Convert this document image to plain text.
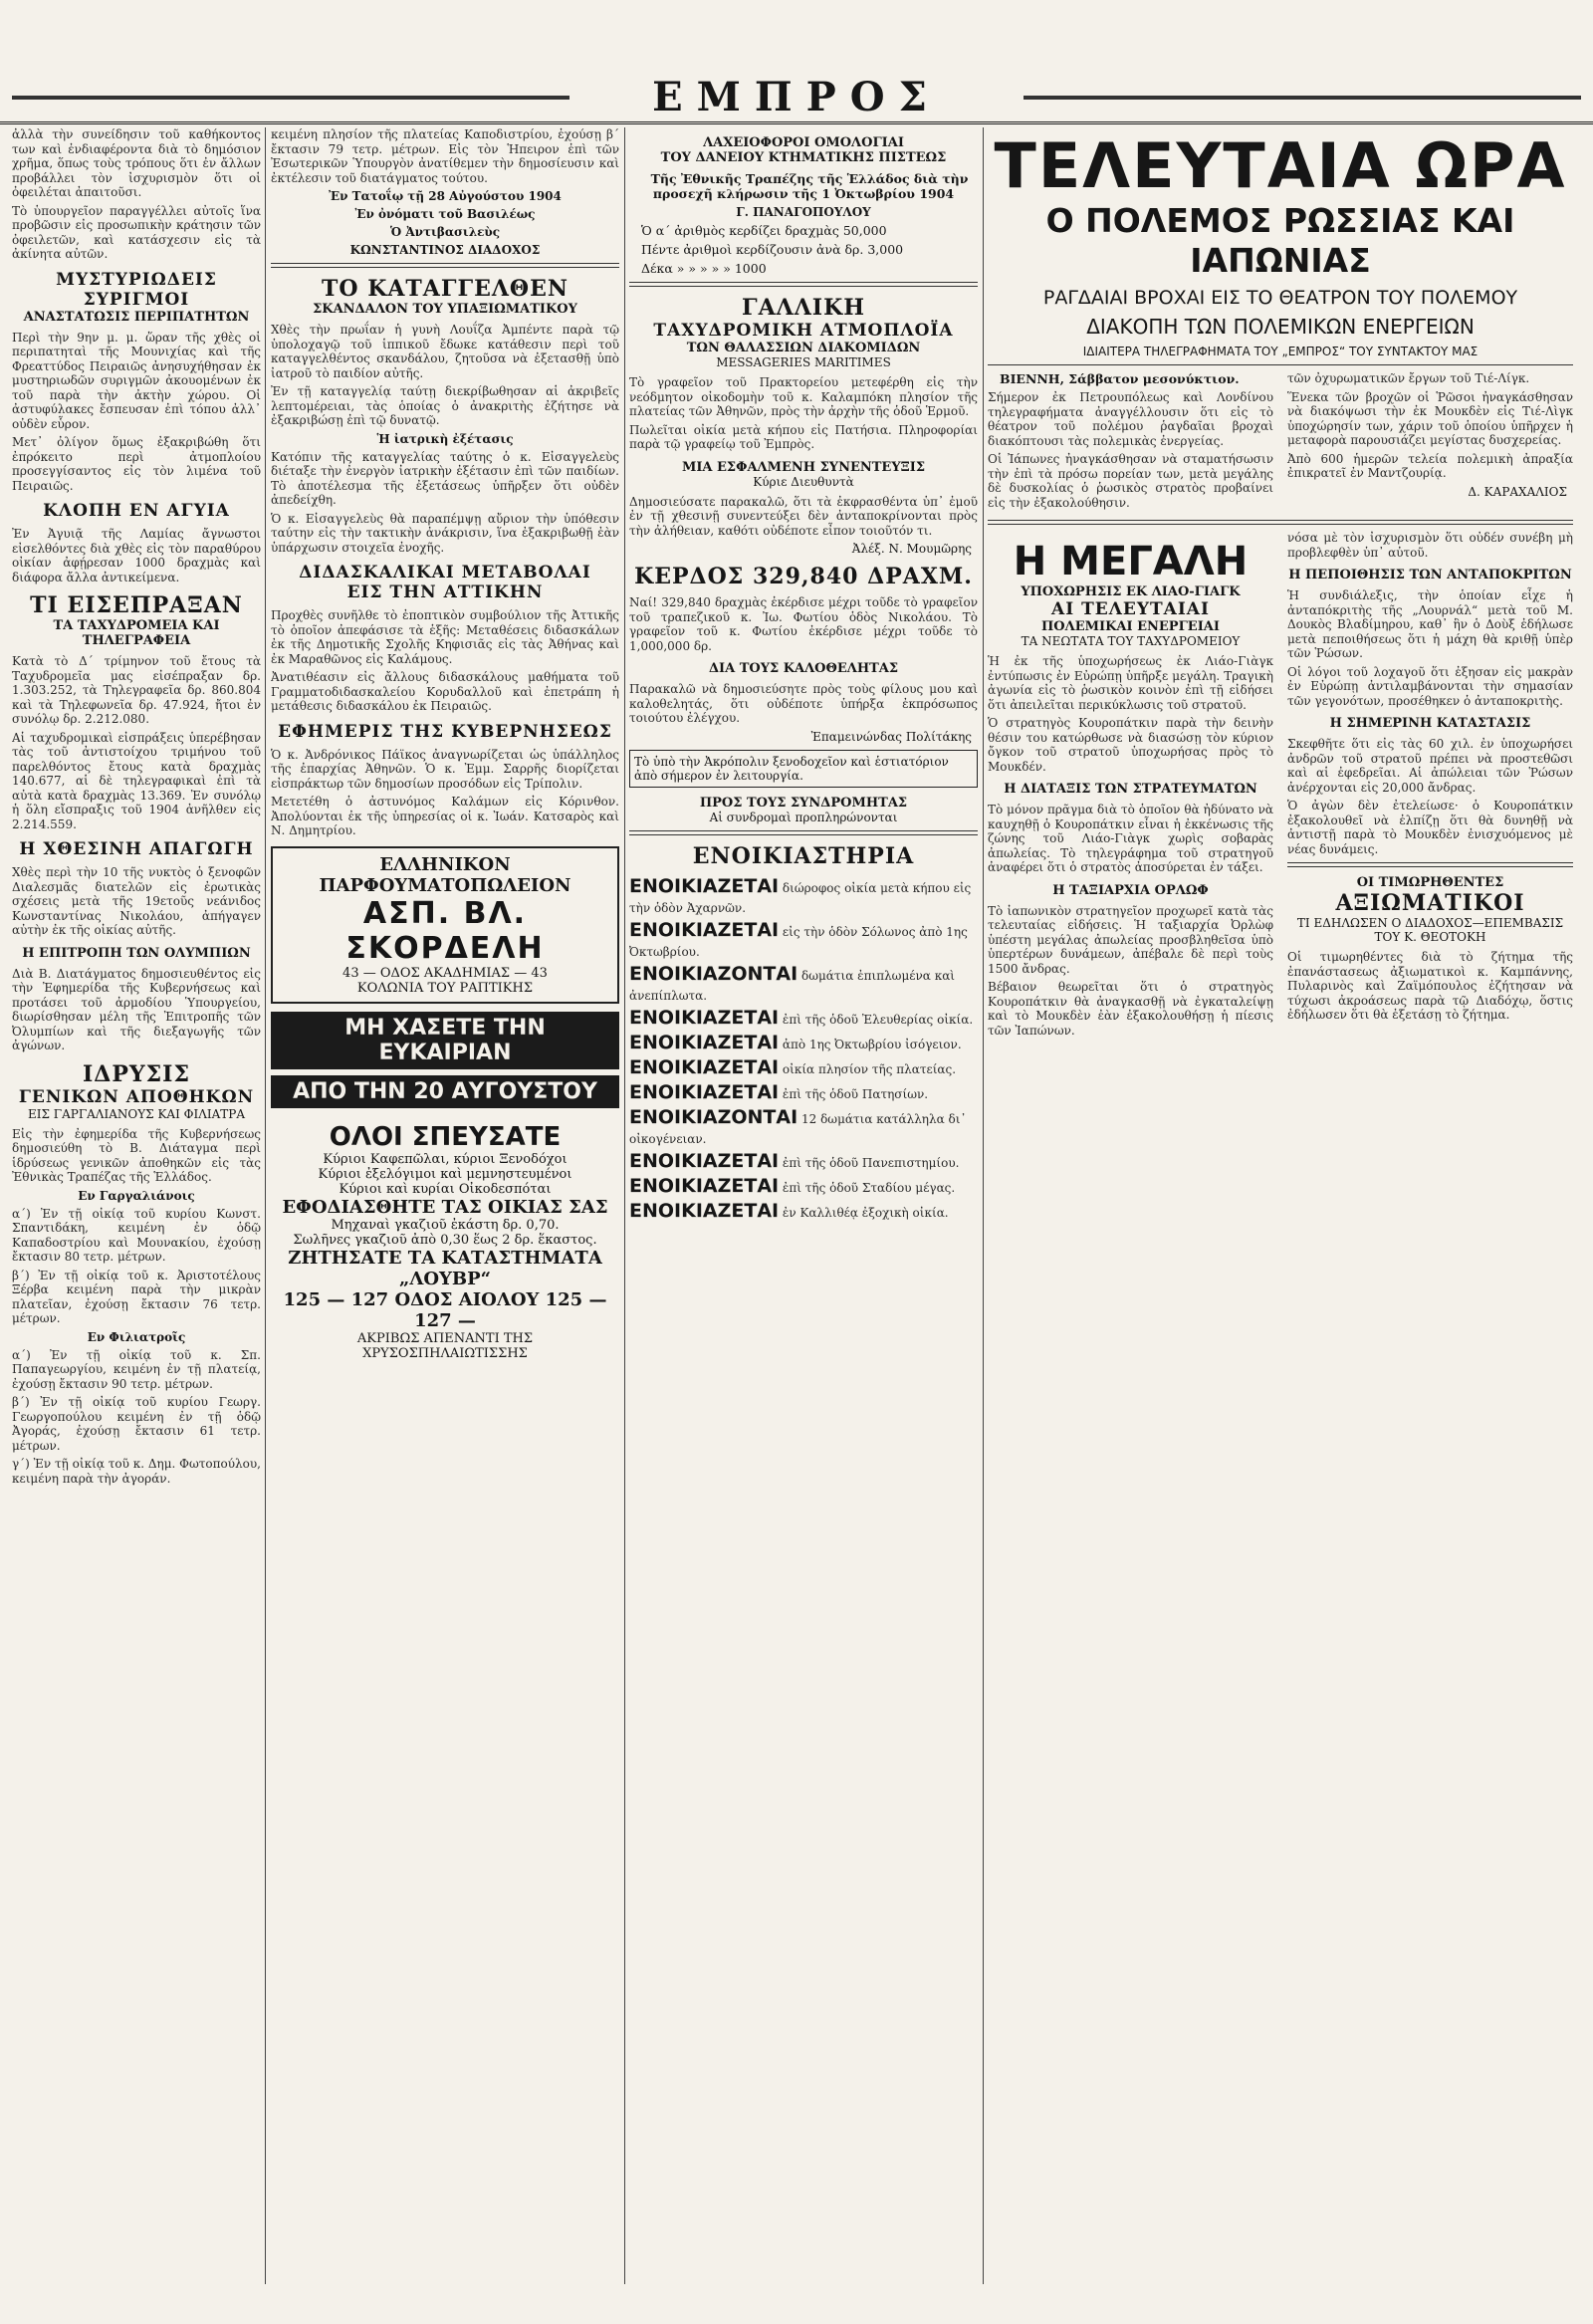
ΕΜΠΡΟΣ

ἀλλὰ τὴν συνείδησιν τοῦ καθήκοντος των καὶ ἐνδιαφέροντα διὰ τὸ δημόσιον χρῆμα, ὅπως τοὺς τρόπους ὅτι ἐν ἄλλων προβάλλει τὸν ἰσχυρισμὸν ὅτι οἱ ὀφειλέται ἀπαιτοῦσι.

Τὸ ὑπουργεῖον παραγγέλλει αὐτοῖς ἵνα προβῶσιν εἰς προσωπικὴν κράτησιν τῶν ὀφειλετῶν, καὶ κατάσχεσιν εἰς τὰ ἀκίνητα αὐτῶν.

ΜΥΣΤΥΡΙΩΔΕΙΣ ΣΥΡΙΓΜΟΙ
ΑΝΑΣΤΑΤΩΣΙΣ ΠΕΡΙΠΑΤΗΤΩΝ

Περὶ τὴν 9ην μ. μ. ὥραν τῆς χθὲς οἱ περιπατηταὶ τῆς Μουνιχίας καὶ τῆς Φρεαττύδος Πειραιῶς ἀνησυχήθησαν ἐκ μυστηριωδῶν συριγμῶν ἀκουομένων ἐκ τοῦ παρὰ τὴν ἀκτὴν χώρου. Οἱ ἀστυφύλακες ἔσπευσαν ἐπὶ τόπου ἀλλ᾽ οὐδὲν εὗρον.

Μετ᾽ ὀλίγον ὅμως ἐξακριβώθη ὅτι ἐπρόκειτο περὶ ἀτμοπλοίου προσεγγίσαντος εἰς τὸν λιμένα τοῦ Πειραιῶς.

ΚΛΟΠΗ ΕΝ ΑΓΥΙΑ

Ἐν Ἀγυιᾷ τῆς Λαμίας ἄγνωστοι εἰσελθόντες διὰ χθὲς εἰς τὸν παραθύρου οἰκίαν ἀφῄρεσαν 1000 δραχμὰς καὶ διάφορα ἄλλα ἀντικείμενα.

ΤΙ ΕΙΣΕΠΡΑΞΑΝ
ΤΑ ΤΑΧΥΔΡΟΜΕΙΑ ΚΑΙ ΤΗΛΕΓΡΑΦΕΙΑ

Κατὰ τὸ Δ΄ τρίμηνον τοῦ ἔτους τὰ Ταχυδρομεῖα μας εἰσέπραξαν δρ. 1.303.252, τὰ Τηλεγραφεῖα δρ. 860.804 καὶ τὰ Τηλεφωνεῖα δρ. 47.924, ἤτοι ἐν συνόλῳ δρ. 2.212.080.

Αἱ ταχυδρομικαὶ εἰσπράξεις ὑπερέβησαν τὰς τοῦ ἀντιστοίχου τριμήνου τοῦ παρελθόντος ἔτους κατὰ δραχμὰς 140.677, αἱ δὲ τηλεγραφικαὶ ἐπὶ τὰ αὐτὰ κατὰ δραχμὰς 13.369. Ἐν συνόλῳ ἡ ὅλη εἴσπραξις τοῦ 1904 ἀνῆλθεν εἰς 2.214.559.

Η ΧΘΕΣΙΝΗ ΑΠΑΓΩΓΗ

Χθὲς περὶ τὴν 10 τῆς νυκτὸς ὁ ξενοφῶν Διαλεσμᾶς διατελῶν εἰς ἐρωτικὰς σχέσεις μετὰ τῆς 19ετοῦς νεάνιδος Κωνσταντίνας Νικολάου, ἀπήγαγεν αὐτὴν ἐκ τῆς οἰκίας αὐτῆς.

Η ΕΠΙΤΡΟΠΗ ΤΩΝ ΟΛΥΜΠΙΩΝ

Διὰ Β. Διατάγματος δημοσιευθέντος εἰς τὴν Ἐφημερίδα τῆς Κυβερνήσεως καὶ προτάσει τοῦ ἀρμοδίου Ὑπουργείου, διωρίσθησαν μέλη τῆς Ἐπιτροπῆς τῶν Ὀλυμπίων καὶ τῆς διεξαγωγῆς τῶν ἀγώνων.

ΙΔΡΥΣΙΣ
ΓΕΝΙΚΩΝ ΑΠΟΘΗΚΩΝ
ΕΙΣ ΓΑΡΓΑΛΙΑΝΟΥΣ ΚΑΙ ΦΙΛΙΑΤΡΑ

Εἰς τὴν ἐφημερίδα τῆς Κυβερνήσεως δημοσιεύθη τὸ Β. Διάταγμα περὶ ἱδρύσεως γενικῶν ἀποθηκῶν εἰς τὰς Ἐθνικὰς Τραπέζας τῆς Ἑλλάδος.

Εν Γαργαλιάνοις

α΄) Ἐν τῇ οἰκίᾳ τοῦ κυρίου Κωνστ. Σπαντιδάκη, κειμένη ἐν ὁδῷ Καπαδοστρίου καὶ Μουνακίου, ἐχούσῃ ἔκτασιν 80 τετρ. μέτρων.

β΄) Ἐν τῇ οἰκίᾳ τοῦ κ. Ἀριστοτέλους Ξέρβα κειμένη παρὰ τὴν μικρὰν πλατεῖαν, ἐχούσῃ ἔκτασιν 76 τετρ. μέτρων.

Εν Φιλιατροῖς

α΄) Ἐν τῇ οἰκίᾳ τοῦ κ. Σπ. Παπαγεωργίου, κειμένη ἐν τῇ πλατείᾳ, ἐχούσῃ ἔκτασιν 90 τετρ. μέτρων.

β΄) Ἐν τῇ οἰκίᾳ τοῦ κυρίου Γεωργ. Γεωργοπούλου κειμένη ἐν τῇ ὁδῷ Ἀγοράς, ἐχούσῃ ἔκτασιν 61 τετρ. μέτρων.

γ΄) Ἐν τῇ οἰκίᾳ τοῦ κ. Δημ. Φωτοπούλου, κειμένη παρὰ τὴν ἀγοράν.

κειμένη πλησίον τῆς πλατείας Καποδιστρίου, ἐχούσῃ β΄ ἔκτασιν 79 τετρ. μέτρων. Εἰς τὸν Ἡπειρον ἐπὶ τῶν Ἐσωτερικῶν Ὑπουργὸν ἀνατίθεμεν τὴν δημοσίευσιν καὶ ἐκτέλεσιν τοῦ διατάγματος τούτου.

Ἐν Τατοΐῳ τῇ 28 Αὐγούστου 1904
Ἐν ὀνόματι τοῦ Βασιλέως
Ὁ Ἀντιβασιλεὺς
ΚΩΝΣΤΑΝΤΙΝΟΣ ΔΙΑΔΟΧΟΣ
ΤΟ ΚΑΤΑΓΓΕΛΘΕΝ
ΣΚΑΝΔΑΛΟΝ ΤΟΥ ΥΠΑΞΙΩΜΑΤΙΚΟΥ

Χθὲς τὴν πρωΐαν ἡ γυνὴ Λουΐζα Ἀμπέντε παρὰ τῷ ὑπολοχαγῷ τοῦ ἱππικοῦ ἔδωκε κατάθεσιν περὶ τοῦ καταγγελθέντος σκανδάλου, ζητοῦσα νὰ ἐξετασθῇ ὑπὸ ἰατροῦ τὸ παιδίον αὐτῆς.

Ἐν τῇ καταγγελίᾳ ταύτῃ διεκρίβωθησαν αἱ ἀκριβεῖς λεπτομέρειαι, τὰς ὁποίας ὁ ἀνακριτὴς ἐζήτησε νὰ ἐξακριβώσῃ ἐπὶ τῷ δυνατῷ.

Ἡ ἰατρικὴ ἐξέτασις

Κατόπιν τῆς καταγγελίας ταύτης ὁ κ. Εἰσαγγελεὺς διέταξε τὴν ἐνεργὸν ἰατρικὴν ἐξέτασιν ἐπὶ τῶν παιδίων. Τὸ ἀποτέλεσμα τῆς ἐξετάσεως ὑπῆρξεν ὅτι οὐδὲν ἀπεδείχθη.

Ὁ κ. Εἰσαγγελεὺς θὰ παραπέμψῃ αὔριον τὴν ὑπόθεσιν ταύτην εἰς τὴν τακτικὴν ἀνάκρισιν, ἵνα ἐξακριβωθῇ ἐὰν ὑπάρχωσιν στοιχεῖα ἐνοχῆς.

ΔΙΔΑΣΚΑΛΙΚΑΙ ΜΕΤΑΒΟΛΑΙ
ΕΙΣ ΤΗΝ ΑΤΤΙΚΗΝ

Προχθὲς συνῆλθε τὸ ἐποπτικὸν συμβούλιον τῆς Ἀττικῆς τὸ ὁποῖον ἀπεφάσισε τὰ ἑξῆς: Μεταθέσεις διδασκάλων ἐκ τῆς Δημοτικῆς Σχολῆς Κηφισιᾶς εἰς τὰς Ἀθήνας καὶ ἐκ Μαραθῶνος εἰς Καλάμους.

Ἀνατιθέασιν εἰς ἄλλους διδασκάλους μαθήματα τοῦ Γραμματοδιδασκαλείου Κορυδαλλοῦ καὶ ἐπετράπη ἡ μετάθεσις διδασκάλου ἐκ Πειραιῶς.

ΕΦΗΜΕΡΙΣ ΤΗΣ ΚΥΒΕΡΝΗΣΕΩΣ

Ὁ κ. Ἀνδρόνικος Πάϊκος ἀναγνωρίζεται ὡς ὑπάλληλος τῆς ἐπαρχίας Ἀθηνῶν. Ὁ κ. Ἐμμ. Σαρρῆς διορίζεται εἰσπράκτωρ τῶν δημοσίων προσόδων εἰς Τρίπολιν.

Μετετέθη ὁ ἀστυνόμος Καλάμων εἰς Κόρινθον. Ἀπολύονται ἐκ τῆς ὑπηρεσίας οἱ κ. Ἰωάν. Κατσαρὸς καὶ Ν. Δημητρίου.

ΕΛΛΗΝΙΚΟΝ ΠΑΡΦΟΥΜΑΤΟΠΩΛΕΙΟΝ
ΑΣΠ. ΒΛ. ΣΚΟΡΔΕΛΗ
43 — ΟΔΟΣ ΑΚΑΔΗΜΙΑΣ — 43
ΚΟΛΩΝΙΑ ΤΟΥ ΡΑΠΤΙΚΗΣ
ΜΗ ΧΑΣΕΤΕ ΤΗΝ ΕΥΚΑΙΡΙΑΝ
ΑΠΟ ΤΗΝ 20 ΑΥΓΟΥΣΤΟΥ
ΟΛΟΙ ΣΠΕΥΣΑΤΕ
Κύριοι Καφεπῶλαι, κύριοι Ξενοδόχοι
Κύριοι ἐξελόγιμοι καὶ μεμνηστευμένοι
Κύριοι καὶ κυρίαι Οἰκοδεσπόται
ΕΦΟΔΙΑΣΘΗΤΕ ΤΑΣ ΟΙΚΙΑΣ ΣΑΣ
Μηχαναὶ γκαζιοῦ ἐκάστη δρ. 0,70.
Σωλῆνες γκαζιοῦ ἀπὸ 0,30 ἕως 2 δρ. ἕκαστος.
ΖΗΤΗΣΑΤΕ ΤΑ ΚΑΤΑΣΤΗΜΑΤΑ „ΛΟΥΒΡ“
125 — 127 ΟΔΟΣ ΑΙΟΛΟΥ 125 — 127 —
ΑΚΡΙΒΩΣ ΑΠΕΝΑΝΤΙ ΤΗΣ ΧΡΥΣΟΣΠΗΛΑΙΩΤΙΣΣΗΣ
ΛΑΧΕΙΟΦΟΡΟΙ ΟΜΟΛΟΓΙΑΙ
ΤΟΥ ΔΑΝΕΙΟΥ ΚΤΗΜΑΤΙΚΗΣ ΠΙΣΤΕΩΣ

Τῆς Ἐθνικῆς Τραπέζης τῆς Ἑλλάδος διὰ τὴν προσεχῆ κλήρωσιν τῆς 1 Ὀκτωβρίου 1904

Γ. ΠΑΝΑΓΟΠΟΥΛΟΥ
Ὁ α΄ ἀριθμὸς κερδίζει δραχμὰς 50,000
Πέντε ἀριθμοὶ κερδίζουσιν ἀνὰ δρ. 3,000
Δέκα » » » » » 1000
ΓΑΛΛΙΚΗ
ΤΑΧΥΔΡΟΜΙΚΗ ΑΤΜΟΠΛΟΪΑ
ΤΩΝ ΘΑΛΑΣΣΙΩΝ ΔΙΑΚΟΜΙΔΩΝ
MESSAGERIES MARITIMES

Τὸ γραφεῖον τοῦ Πρακτορείου μετεφέρθη εἰς τὴν νεόδμητον οἰκοδομὴν τοῦ κ. Καλαμπόκη πλησίον τῆς πλατείας τῶν Ἀθηνῶν, πρὸς τὴν ἀρχὴν τῆς ὁδοῦ Ἑρμοῦ.

Πωλεῖται οἰκία μετὰ κήπου εἰς Πατήσια. Πληροφορίαι παρὰ τῷ γραφείῳ τοῦ Ἐμπρὸς.

ΜΙΑ ΕΣΦΑΛΜΕΝΗ ΣΥΝΕΝΤΕΥΞΙΣ
Κύριε Διευθυντὰ

Δημοσιεύσατε παρακαλῶ, ὅτι τὰ ἐκφρασθέντα ὑπ᾽ ἐμοῦ ἐν τῇ χθεσινῇ συνεντεύξει δὲν ἀνταποκρίνονται πρὸς τὴν ἀλήθειαν, καθότι οὐδέποτε εἶπον τοιοῦτόν τι.

Ἀλέξ. Ν. Μουμῶρης
ΚΕΡΔΟΣ 329,840 ΔΡΑΧΜ.

Ναί! 329,840 δραχμὰς ἐκέρδισε μέχρι τοῦδε τὸ γραφεῖον τοῦ τραπεζικοῦ κ. Ἰω. Φωτίου ὁδὸς Νικολάου. Τὸ γραφεῖον τοῦ κ. Φωτίου ἐκέρδισε μέχρι τοῦδε τὸ 1,000,000 δρ.

ΔΙΑ ΤΟΥΣ ΚΑΛΟΘΕΛΗΤΑΣ

Παρακαλῶ νὰ δημοσιεύσητε πρὸς τοὺς φίλους μου καὶ καλοθελητάς, ὅτι οὐδέποτε ὑπήρξα ἐκπρόσωπος τοιούτου ἐλέγχου.

Ἐπαμεινώνδας Πολίτάκης
Τὸ ὑπὸ τὴν Ἀκρόπολιν ξενοδοχεῖον καὶ ἑστιατόριον ἀπὸ σήμερον ἐν λειτουργία.
ΠΡΟΣ ΤΟΥΣ ΣΥΝΔΡΟΜΗΤΑΣ
Αἱ συνδρομαὶ προπληρώνονται
ΕΝΟΙΚΙΑΣΤΗΡΙΑ
ΕΝΟΙΚΙΑΖΕΤΑΙ διώροφος οἰκία μετὰ κήπου εἰς τὴν ὁδὸν Ἀχαρνῶν.
ΕΝΟΙΚΙΑΖΕΤΑΙ εἰς τὴν ὁδὸν Σόλωνος ἀπὸ 1ης Ὀκτωβρίου.
ΕΝΟΙΚΙΑΖΟΝΤΑΙ δωμάτια ἐπιπλωμένα καὶ ἀνεπίπλωτα.
ΕΝΟΙΚΙΑΖΕΤΑΙ ἐπὶ τῆς ὁδοῦ Ἐλευθερίας οἰκία.
ΕΝΟΙΚΙΑΖΕΤΑΙ ἀπὸ 1ης Ὀκτωβρίου ἰσόγειον.
ΕΝΟΙΚΙΑΖΕΤΑΙ οἰκία πλησίον τῆς πλατείας.
ΕΝΟΙΚΙΑΖΕΤΑΙ ἐπὶ τῆς ὁδοῦ Πατησίων.
ΕΝΟΙΚΙΑΖΟΝΤΑΙ 12 δωμάτια κατάλληλα δι᾽ οἰκογένειαν.
ΕΝΟΙΚΙΑΖΕΤΑΙ ἐπὶ τῆς ὁδοῦ Πανεπιστημίου.
ΕΝΟΙΚΙΑΖΕΤΑΙ ἐπὶ τῆς ὁδοῦ Σταδίου μέγας.
ΕΝΟΙΚΙΑΖΕΤΑΙ ἐν Καλλιθέᾳ ἐξοχικὴ οἰκία.
ΤΕΛΕΥΤΑΙΑ ΩΡΑ
Ο ΠΟΛΕΜΟΣ ΡΩΣΣΙΑΣ ΚΑΙ ΙΑΠΩΝΙΑΣ
ΡΑΓΔΑΙΑΙ ΒΡΟΧΑΙ ΕΙΣ ΤΟ ΘΕΑΤΡΟΝ ΤΟΥ ΠΟΛΕΜΟΥ
ΔΙΑΚΟΠΗ ΤΩΝ ΠΟΛΕΜΙΚΩΝ ΕΝΕΡΓΕΙΩΝ
ΙΔΙΑΙΤΕΡΑ ΤΗΛΕΓΡΑΦΗΜΑΤΑ ΤΟΥ „ΕΜΠΡΟΣ“ ΤΟΥ ΣΥΝΤΑΚΤΟΥ ΜΑΣ

ΒΙΕΝΝΗ, Σάββατον μεσονύκτιον.

Σήμερον ἐκ Πετρουπόλεως καὶ Λονδίνου τηλεγραφήματα ἀναγγέλλουσιν ὅτι εἰς τὸ θέατρον τοῦ πολέμου ῥαγδαῖαι βροχαὶ διακόπτουσι τὰς πολεμικὰς ἐνεργείας.

Οἱ Ἰάπωνες ἠναγκάσθησαν νὰ σταματήσωσιν τὴν ἐπὶ τὰ πρόσω πορείαν των, μετὰ μεγάλης δὲ δυσκολίας ὁ ῥωσικὸς στρατὸς προβαίνει εἰς τὴν ἐξακολούθησιν.

τῶν ὀχυρωματικῶν ἔργων τοῦ Τιέ-Λίγκ.

Ἕνεκα τῶν βροχῶν οἱ Ῥῶσοι ἠναγκάσθησαν νὰ διακόψωσι τὴν ἐκ Μουκδὲν εἰς Τιέ-Λὶγκ ὑποχώρησίν των, χάριν τοῦ ὁποίου ὑπῆρχεν ἡ μεταφορὰ παρουσιάζει μεγίστας δυσχερείας.

Ἀπὸ 600 ἡμερῶν τελεία πολεμικὴ ἀπραξία ἐπικρατεῖ ἐν Μαντζουρίᾳ.

Δ. ΚΑΡΑΧΑΛΙΟΣ
Η ΜΕΓΑΛΗ
ΥΠΟΧΩΡΗΣΙΣ ΕΚ ΛΙΑΟ-ΓΙΑΓΚ
ΑΙ ΤΕΛΕΥΤΑΙΑΙ
ΠΟΛΕΜΙΚΑΙ ΕΝΕΡΓΕΙΑΙ
ΤΑ ΝΕΩΤΑΤΑ ΤΟΥ ΤΑΧΥΔΡΟΜΕΙΟΥ

Ἡ ἐκ τῆς ὑποχωρήσεως ἐκ Λιάο-Γιὰγκ ἐντύπωσις ἐν Εὐρώπῃ ὑπῆρξε μεγάλη. Τραγικὴ ἀγωνία εἰς τὸ ῥωσικὸν κοινὸν ἐπὶ τῇ εἰδήσει ὅτι ἀπειλεῖται περικύκλωσις τοῦ στρατοῦ.

Ὁ στρατηγὸς Κουροπάτκιν παρὰ τὴν δεινὴν θέσιν του κατώρθωσε νὰ διασώσῃ τὸν κύριον ὄγκον τοῦ στρατοῦ ὑποχωρήσας πρὸς τὸ Μουκδέν.

Η ΔΙΑΤΑΞΙΣ ΤΩΝ ΣΤΡΑΤΕΥΜΑΤΩΝ

Τὸ μόνον πρᾶγμα διὰ τὸ ὁποῖον θὰ ἠδύνατο νὰ καυχηθῇ ὁ Κουροπάτκιν εἶναι ἡ ἐκκένωσις τῆς ζώνης τοῦ Λιάο-Γιὰγκ χωρὶς σοβαρὰς ἀπωλείας. Τὸ τηλεγράφημα τοῦ στρατηγοῦ ἀναφέρει ὅτι ὁ στρατὸς ἀποσύρεται ἐν τάξει.

Η ΤΑΞΙΑΡΧΙΑ ΟΡΛΩΦ

Τὸ ἰαπωνικὸν στρατηγεῖον προχωρεῖ κατὰ τὰς τελευταίας εἰδήσεις. Ἡ ταξιαρχία Ὀρλὼφ ὑπέστη μεγάλας ἀπωλείας προσβληθεῖσα ὑπὸ ὑπερτέρων δυνάμεων, ἀπέβαλε δὲ περὶ τοὺς 1500 ἄνδρας.

Βέβαιον θεωρεῖται ὅτι ὁ στρατηγὸς Κουροπάτκιν θὰ ἀναγκασθῇ νὰ ἐγκαταλείψῃ καὶ τὸ Μουκδὲν ἐὰν ἐξακολουθήσῃ ἡ πίεσις τῶν Ἰαπώνων.

νόσα μὲ τὸν ἰσχυρισμὸν ὅτι οὐδέν συνέβη μὴ προβλεφθὲν ὑπ᾽ αὐτοῦ.

Η ΠΕΠΟΙΘΗΣΙΣ ΤΩΝ ΑΝΤΑΠΟΚΡΙΤΩΝ

Ἡ συνδιάλεξις, τὴν ὁποίαν εἶχε ἡ ἀνταπόκριτὴς τῆς „Λουρνάλ“ μετὰ τοῦ Μ. Δουκὸς Βλαδίμηρου, καθ᾽ ἣν ὁ Δοὺξ ἐδήλωσε μετὰ πεποιθήσεως ὅτι ἡ μάχη θὰ κριθῇ ὑπὲρ τῶν Ῥώσων.

Οἱ λόγοι τοῦ λοχαγοῦ ὅτι ἐξησαν εἰς μακρὰν ἐν Εὐρώπῃ ἀντιλαμβάνονται τὴν σημασίαν τῶν γεγονότων, προσέθηκεν ὁ ἀνταποκριτὴς.

Η ΣΗΜΕΡΙΝΗ ΚΑΤΑΣΤΑΣΙΣ

Σκεφθῆτε ὅτι εἰς τὰς 60 χιλ. ἐν ὑποχωρήσει ἀνδρῶν τοῦ στρατοῦ πρέπει νὰ προστεθῶσι καὶ αἱ ἐφεδρεῖαι. Αἱ ἀπώλειαι τῶν Ῥώσων ἀνέρχονται εἰς 20,000 ἄνδρας.

Ὁ ἀγὼν δὲν ἐτελείωσε· ὁ Κουροπάτκιν ἐξακολουθεῖ νὰ ἐλπίζῃ ὅτι θὰ δυνηθῇ νὰ ἀντιστῇ παρὰ τὸ Μουκδὲν ἐνισχυόμενος μὲ νέας δυνάμεις.

ΟΙ ΤΙΜΩΡΗΘΕΝΤΕΣ
ΑΞΙΩΜΑΤΙΚΟΙ
ΤΙ ΕΔΗΛΩΣΕΝ Ο ΔΙΑΔΟΧΟΣ—ΕΠΕΜΒΑΣΙΣ ΤΟΥ Κ. ΘΕΟΤΟΚΗ

Οἱ τιμωρηθέντες διὰ τὸ ζήτημα τῆς ἐπανάστασεως ἀξιωματικοὶ κ. Καμπάννης, Πυλαρινὸς καὶ Ζαϊμόπουλος ἐζήτησαν νὰ τύχωσι ἀκροάσεως παρὰ τῷ Διαδόχῳ, ὅστις ἐδήλωσεν ὅτι θὰ ἐξετάσῃ τὸ ζήτημα.
